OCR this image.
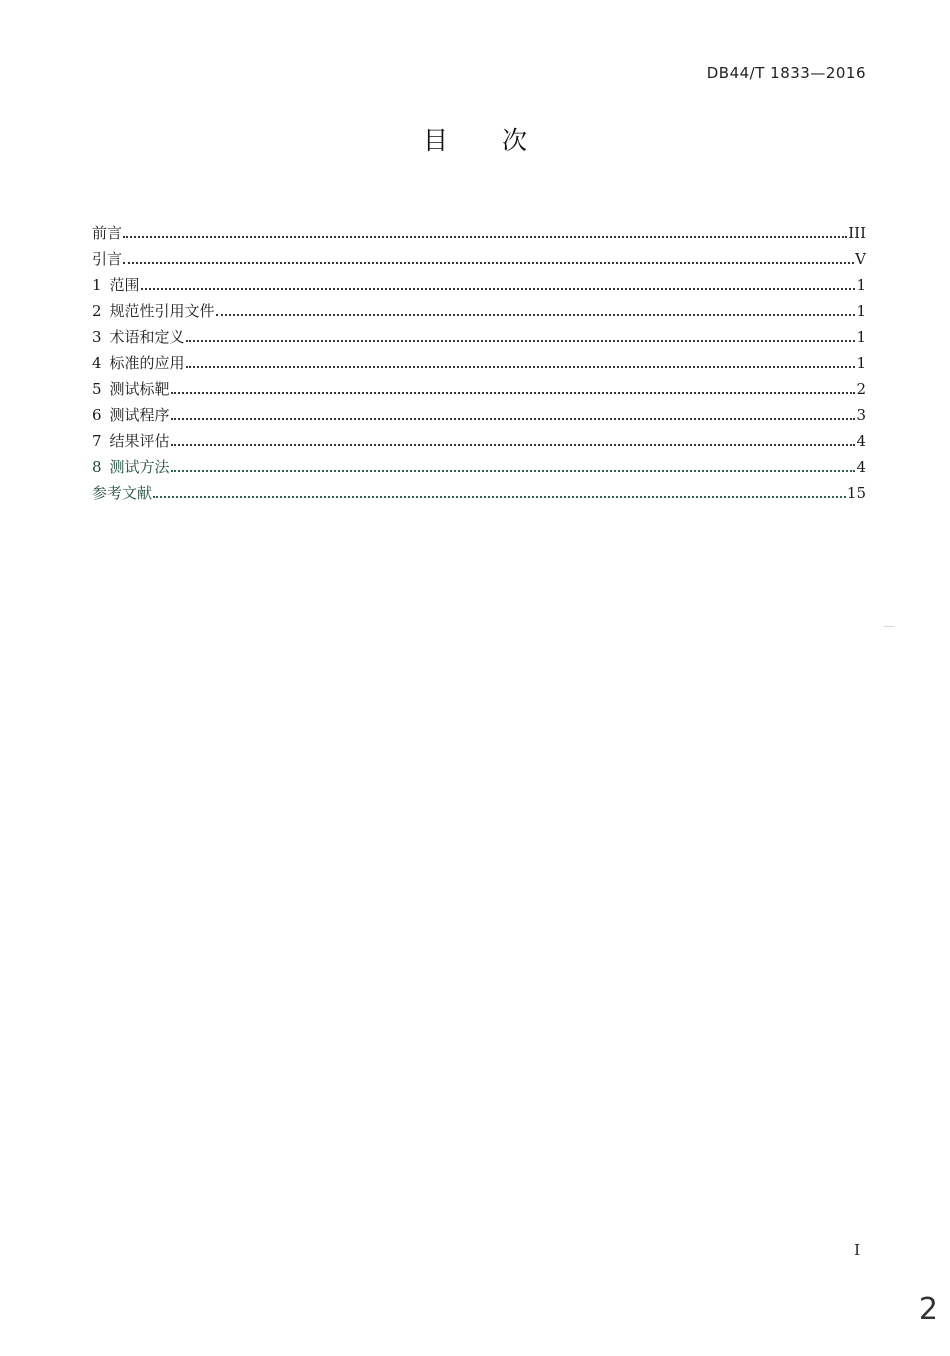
DB44/T 1833—2016
目次
前言	III
引言	V
1 范围	1
2 规范性引用文件	1
3 术语和定义	1
4 标准的应用	1
5 测试标靶	2
6 测试程序	3
7 结果评估	4
8 测试方法	4
参考文献	15
I
2
